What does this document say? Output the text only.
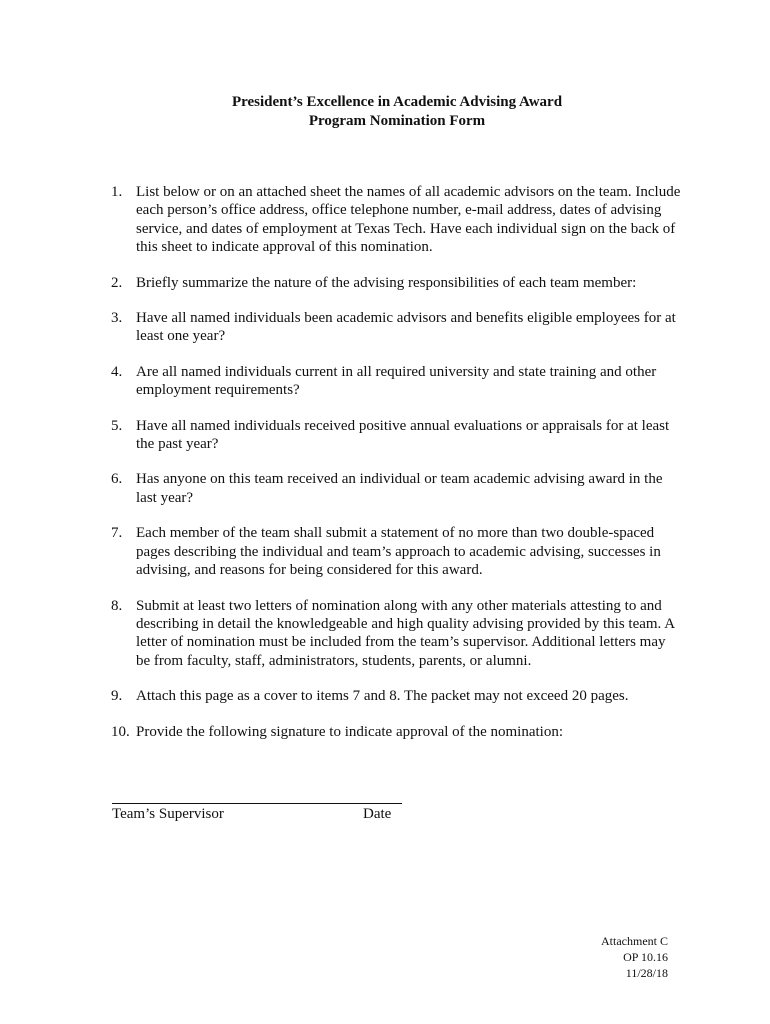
President’s Excellence in Academic Advising Award
Program Nomination Form
1. List below or on an attached sheet the names of all academic advisors on the team. Include each person’s office address, office telephone number, e-mail address, dates of advising service, and dates of employment at Texas Tech. Have each individual sign on the back of this sheet to indicate approval of this nomination.
2. Briefly summarize the nature of the advising responsibilities of each team member:
3. Have all named individuals been academic advisors and benefits eligible employees for at least one year?
4. Are all named individuals current in all required university and state training and other employment requirements?
5. Have all named individuals received positive annual evaluations or appraisals for at least the past year?
6. Has anyone on this team received an individual or team academic advising award in the last year?
7. Each member of the team shall submit a statement of no more than two double-spaced pages describing the individual and team’s approach to academic advising, successes in advising, and reasons for being considered for this award.
8. Submit at least two letters of nomination along with any other materials attesting to and describing in detail the knowledgeable and high quality advising provided by this team. A letter of nomination must be included from the team’s supervisor. Additional letters may be from faculty, staff, administrators, students, parents, or alumni.
9. Attach this page as a cover to items 7 and 8. The packet may not exceed 20 pages.
10. Provide the following signature to indicate approval of the nomination:
Team’s Supervisor	Date
Attachment C
OP 10.16
11/28/18
